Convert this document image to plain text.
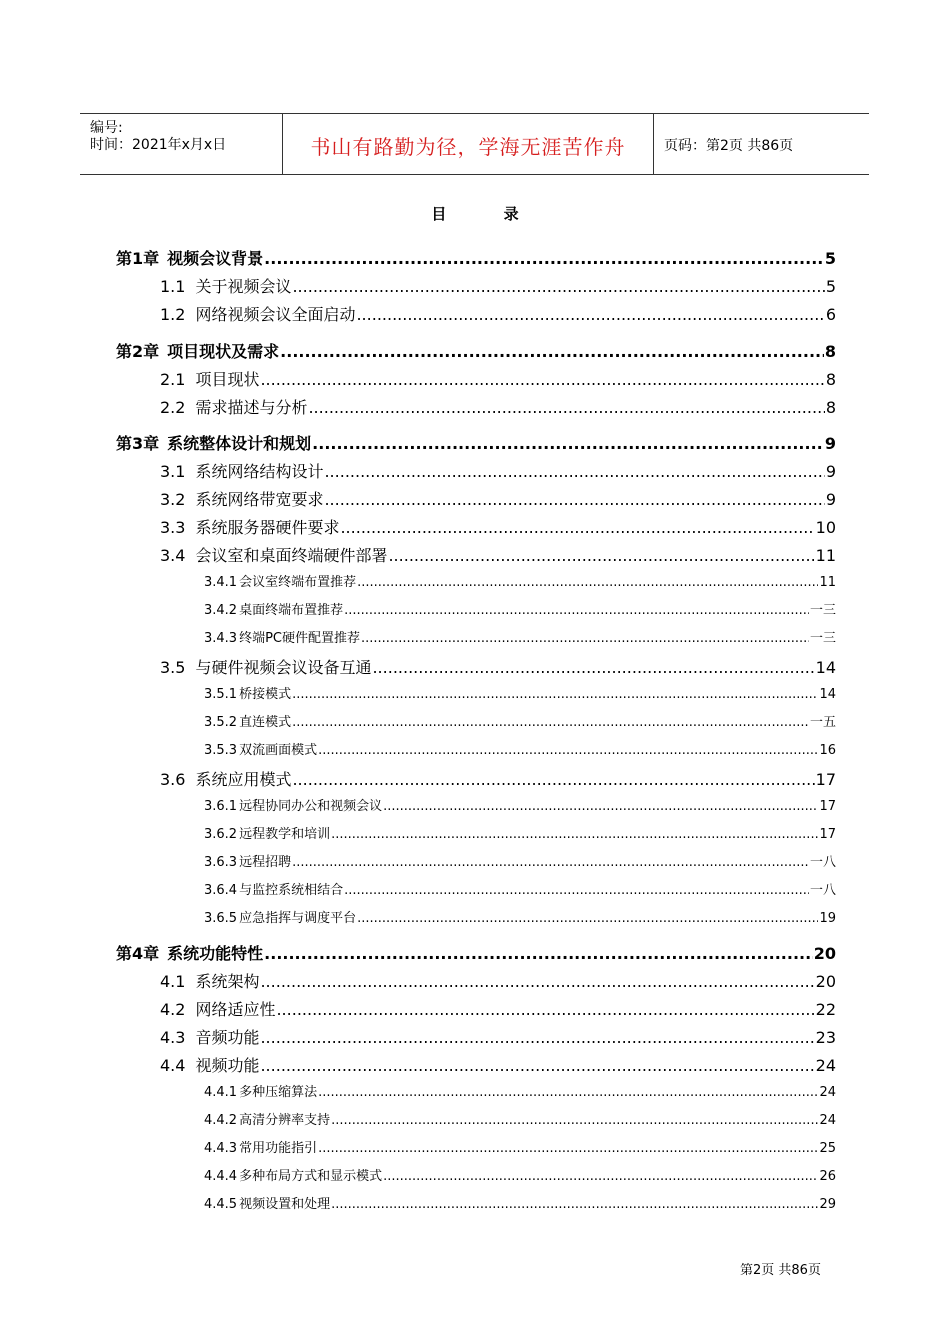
编号:
时间：2021年x月x日	书山有路勤为径，学海无涯苦作舟	页码：第2页 共86页
目 录
第1章 视频会议背景 .....	5
1.1 关于视频会议 .....	5
1.2 网络视频会议全面启动 .....	6
第2章 项目现状及需求 .....	8
2.1 项目现状 .....	8
2.2 需求描述与分析 .....	8
第3章 系统整体设计和规划 .....	9
3.1 系统网络结构设计 .....	9
3.2 系统网络带宽要求 .....	9
3.3 系统服务器硬件要求 .....	10
3.4 会议室和桌面终端硬件部署 .....	11
3.4.1 会议室终端布置推荐 .....	11
3.4.2 桌面终端布置推荐 .....	一三
3.4.3 终端PC硬件配置推荐 .....	一三
3.5 与硬件视频会议设备互通 .....	14
3.5.1 桥接模式 .....	14
3.5.2 直连模式 .....	一五
3.5.3 双流画面模式 .....	16
3.6 系统应用模式 .....	17
3.6.1 远程协同办公和视频会议 .....	17
3.6.2 远程教学和培训 .....	17
3.6.3 远程招聘 .....	一八
3.6.4 与监控系统相结合 .....	一八
3.6.5 应急指挥与调度平台 .....	19
第4章 系统功能特性 .....	20
4.1 系统架构 .....	20
4.2 网络适应性 .....	22
4.3 音频功能 .....	23
4.4 视频功能 .....	24
4.4.1 多种压缩算法 .....	24
4.4.2 高清分辨率支持 .....	24
4.4.3 常用功能指引 .....	25
4.4.4 多种布局方式和显示模式 .....	26
4.4.5 视频设置和处理 .....	29
第2页 共86页
